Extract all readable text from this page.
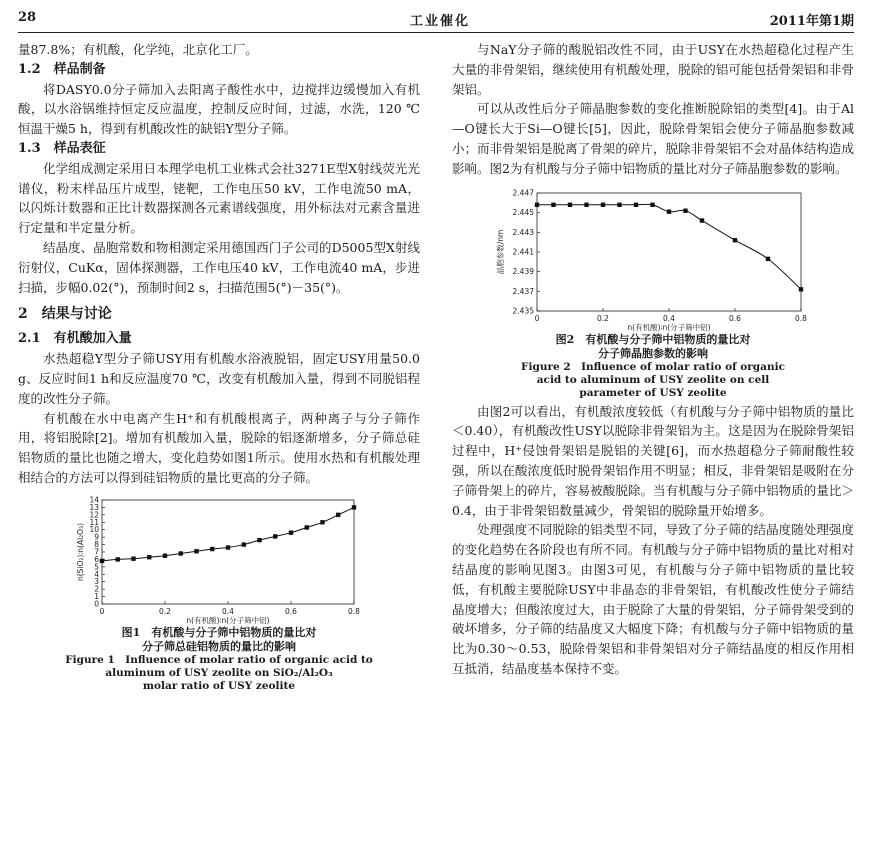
28	工业催化	2011年第1期

量87.8%；有机酸，化学纯，北京化工厂。

1.2　样品制备

将DASY0.0分子筛加入去阳离子酸性水中，边搅拌边缓慢加入有机酸，以水浴锅维持恒定反应温度，控制反应时间，过滤，水洗，120 ℃恒温干燥5 h，得到有机酸改性的缺铝Y型分子筛。

1.3　样品表征

化学组成测定采用日本理学电机工业株式会社3271E型X射线荧光光谱仪，粉末样品压片成型，铑靶，工作电压50 kV，工作电流50 mA，以闪烁计数器和正比计数器探测各元素谱线强度，用外标法对元素含量进行定量和半定量分析。

结晶度、晶胞常数和物相测定采用德国西门子公司的D5005型X射线衍射仪，CuKα，固体探测器，工作电压40 kV，工作电流40 mA，步进扫描，步幅0.02(°)，预制时间2 s，扫描范围5(°)－35(°)。

2　结果与讨论
2.1　有机酸加入量

水热超稳Y型分子筛USY用有机酸水浴液脱铝，固定USY用量50.0 g、反应时间1 h和反应温度70 ℃，改变有机酸加入量，得到不同脱铝程度的改性分子筛。

有机酸在水中电离产生H⁺和有机酸根离子，两种离子与分子筛作用，将铝脱除[2]。增加有机酸加入量，脱除的铝逐渐增多，分子筛总硅铝物质的量比也随之增大，变化趋势如图1所示。使用水热和有机酸处理相结合的方法可以得到硅铝物质的量比更高的分子筛。

0	0.2	0.4	0.6	0.8
0
1
2
3
4
5
6
7
8
9
10
11
12
13
14
n(有机酸)∶n(分子筛中铝)
n(SiO₂)∶n(Al₂O₃)

图1　有机酸与分子筛中铝物质的量比对

分子筛总硅铝物质的量比的影响

Figure 1　Influence of molar ratio of organic acid to

aluminum of USY zeolite on SiO₂/Al₂O₃

molar ratio of USY zeolite

与NaY分子筛的酸脱铝改性不同，由于USY在水热超稳化过程产生大量的非骨架铝，继续使用有机酸处理，脱除的铝可能包括骨架铝和非骨架铝。

可以从改性后分子筛晶胞参数的变化推断脱除铝的类型[4]。由于Al—O键长大于Si—O键长[5]，因此，脱除骨架铝会使分子筛晶胞参数减小；而非骨架铝是脱离了骨架的碎片，脱除非骨架铝不会对晶体结构造成影响。图2为有机酸与分子筛中铝物质的量比对分子筛晶胞参数的影响。

0	0.2	0.4	0.6	0.8
2.435
2.437
2.439
2.441
2.443
2.445
2.447
n(有机酸)∶n(分子筛中铝)
晶胞参数/nm

图2　有机酸与分子筛中铝物质的量比对

分子筛晶胞参数的影响

Figure 2　Influence of molar ratio of organic

acid to aluminum of USY zeolite on cell

parameter of USY zeolite

由图2可以看出，有机酸浓度较低（有机酸与分子筛中铝物质的量比＜0.40），有机酸改性USY以脱除非骨架铝为主。这是因为在脱除骨架铝过程中，H⁺侵蚀骨架铝是脱铝的关键[6]，而水热超稳分子筛耐酸性较强，所以在酸浓度低时脱骨架铝作用不明显；相反，非骨架铝是吸附在分子筛骨架上的碎片，容易被酸脱除。当有机酸与分子筛中铝物质的量比＞0.4，由于非骨架铝数量减少，骨架铝的脱除量开始增多。

处理强度不同脱除的铝类型不同，导致了分子筛的结晶度随处理强度的变化趋势在各阶段也有所不同。有机酸与分子筛中铝物质的量比对相对结晶度的影响见图3。由图3可见，有机酸与分子筛中铝物质的量比较低，有机酸主要脱除USY中非晶态的非骨架铝，有机酸改性使分子筛结晶度增大；但酸浓度过大，由于脱除了大量的骨架铝，分子筛骨架受到的破坏增多，分子筛的结晶度又大幅度下降；有机酸与分子筛中铝物质的量比为0.30～0.53，脱除骨架铝和非骨架铝对分子筛结晶度的相反作用相互抵消，结晶度基本保持不变。
